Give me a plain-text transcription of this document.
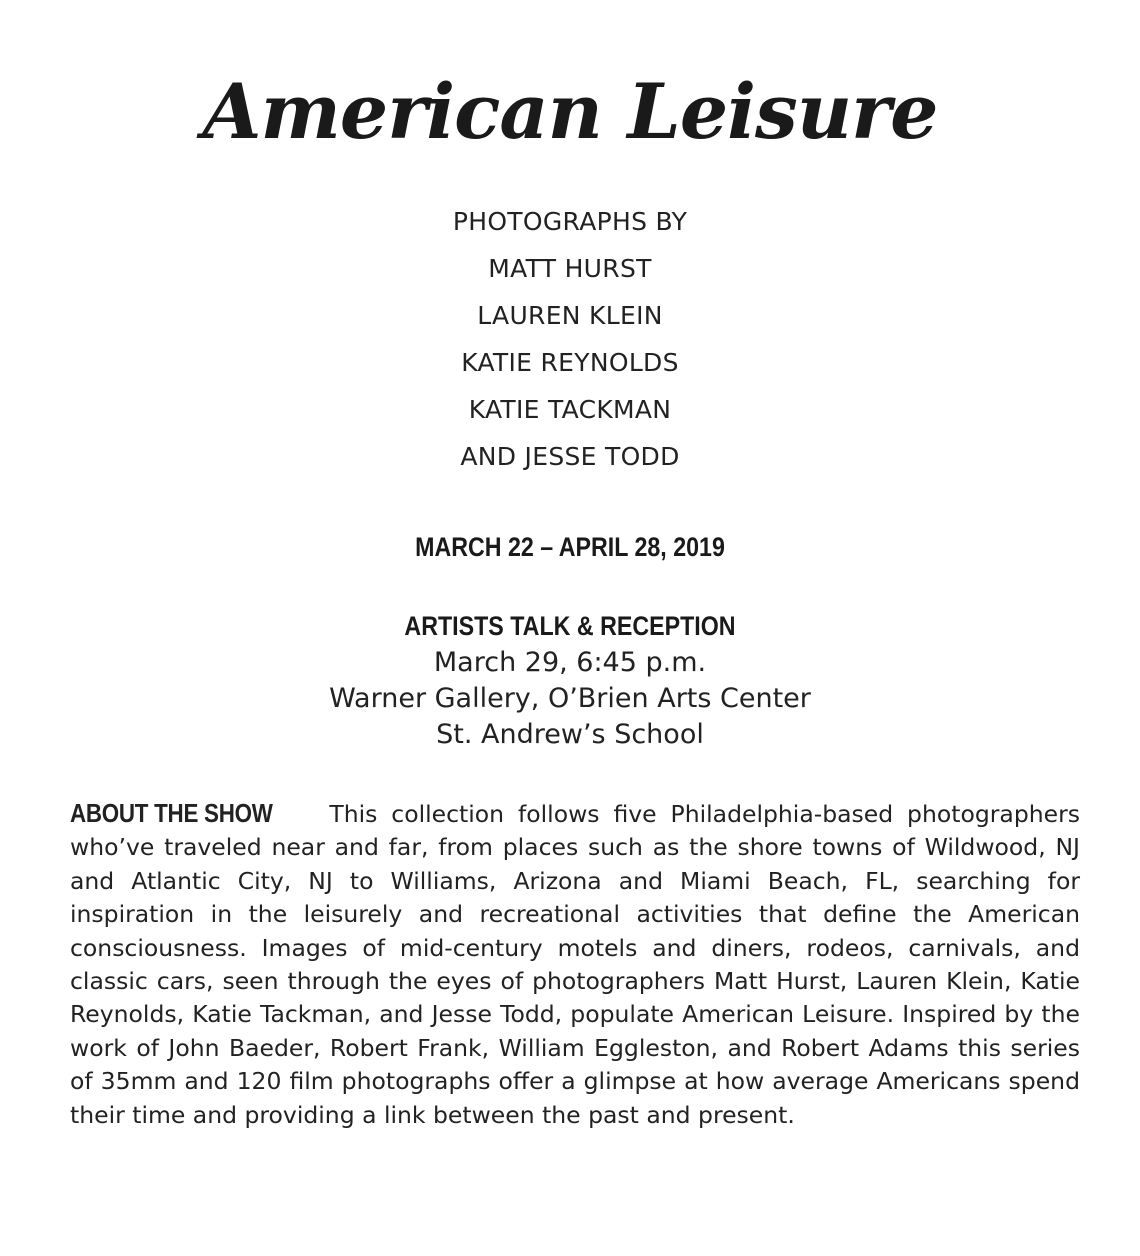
American Leisure
PHOTOGRAPHS BY
MATT HURST
LAUREN KLEIN
KATIE REYNOLDS
KATIE TACKMAN
AND JESSE TODD
MARCH 22 – APRIL 28, 2019
ARTISTS TALK & RECEPTION
March 29, 6:45 p.m.
Warner Gallery, O’Brien Arts Center
St. Andrew’s School
ABOUT THE SHOW This collection follows five Philadelphia-based photographers who’ve traveled near and far, from places such as the shore towns of Wildwood, NJ and Atlantic City, NJ to Williams, Arizona and Miami Beach, FL, searching for inspiration in the leisurely and recreational activities that define the American consciousness. Images of mid-century motels and diners, rodeos, carnivals, and classic cars, seen through the eyes of photographers Matt Hurst, Lauren Klein, Katie Reynolds, Katie Tackman, and Jesse Todd, populate American Leisure. Inspired by the work of John Baeder, Robert Frank, William Eggleston, and Robert Adams this series of 35mm and 120 film photographs offer a glimpse at how average Americans spend their time and providing a link between the past and present.
